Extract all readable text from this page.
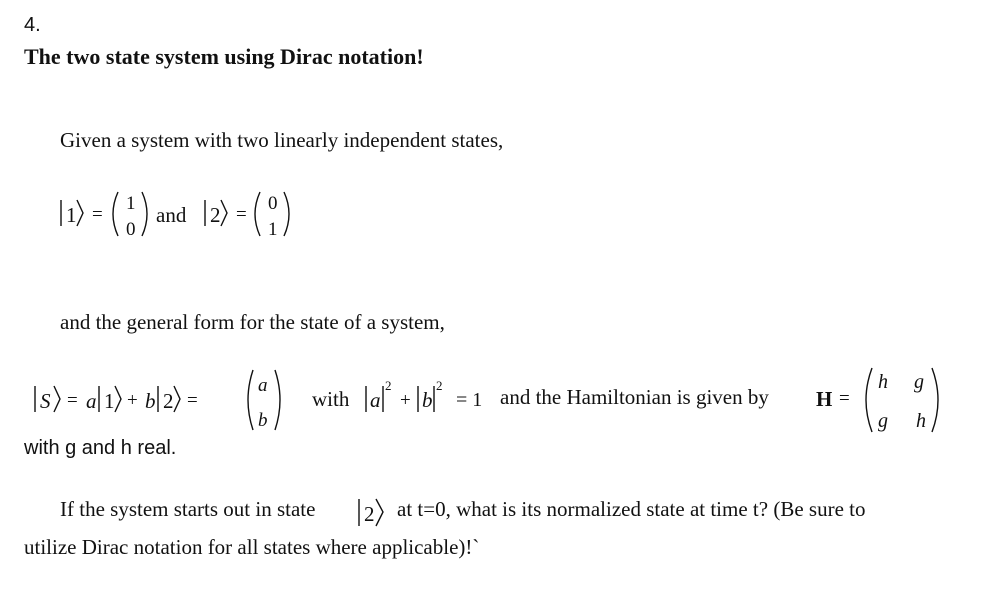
4.
The two state system using Dirac notation!
Given a system with two linearly independent states,
1 =
1
0
and 2 =
0
1
and the general form for the state of a system,
S = a 1 + b 2 =
a
b
with a
2
+ b
2
= 1 and the Hamiltonian is given by H =
h g
g h
with g and h real.
If the system starts out in state 2 at t=0, what is its normalized state at time t? (Be sure to
utilize Dirac notation for all states where applicable)!`
